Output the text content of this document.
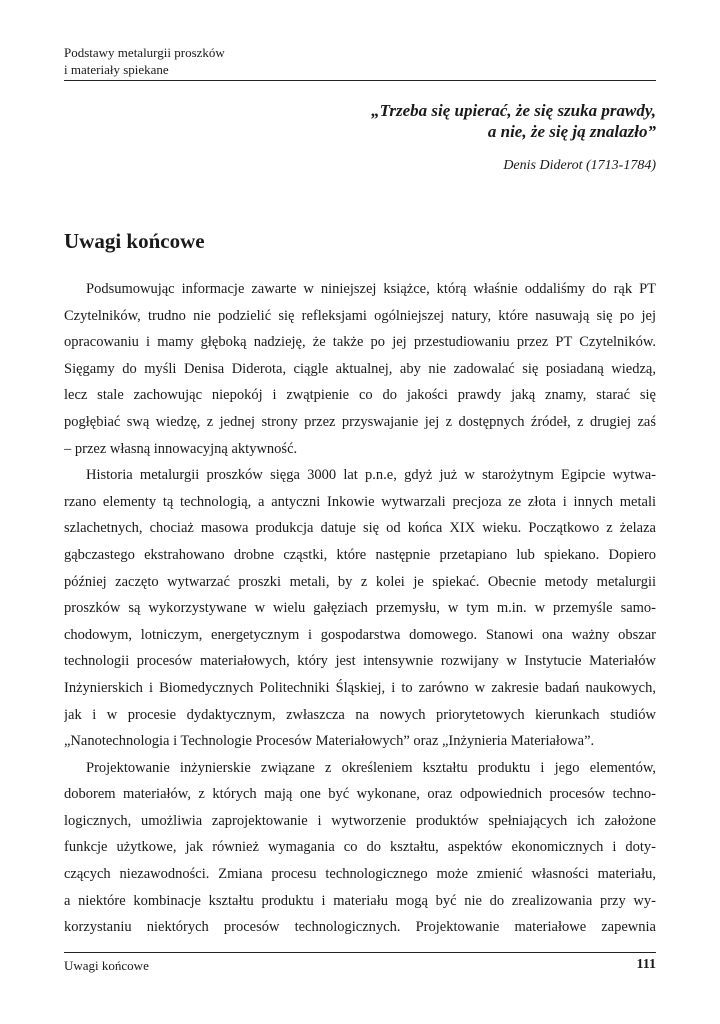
Podstawy metalurgii proszków
i materiały spiekane
„Trzeba się upierać, że się szuka prawdy,
a nie, że się ją znalazło”
Denis Diderot (1713-1784)
Uwagi końcowe
Podsumowując informacje zawarte w niniejszej książce, którą właśnie oddaliśmy do rąk PT
Czytelników, trudno nie podzielić się refleksjami ogólniejszej natury, które nasuwają się po jej
opracowaniu i mamy głęboką nadzieję, że także po jej przestudiowaniu przez PT Czytelników.
Sięgamy do myśli Denisa Diderota, ciągle aktualnej, aby nie zadowalać się posiadaną wiedzą,
lecz stale zachowując niepokój i zwątpienie co do jakości prawdy jaką znamy, starać się
pogłębiać swą wiedzę, z jednej strony przez przyswajanie jej z dostępnych źródeł, z drugiej zaś
– przez własną innowacyjną aktywność.
Historia metalurgii proszków sięga 3000 lat p.n.e, gdyż już w starożytnym Egipcie wytwa-
rzano elementy tą technologią, a antyczni Inkowie wytwarzali precjoza ze złota i innych metali
szlachetnych, chociaż masowa produkcja datuje się od końca XIX wieku. Początkowo z żelaza
gąbczastego ekstrahowano drobne cząstki, które następnie przetapiano lub spiekano. Dopiero
później zaczęto wytwarzać proszki metali, by z kolei je spiekać. Obecnie metody metalurgii
proszków są wykorzystywane w wielu gałęziach przemysłu, w tym m.in. w przemyśle samo-
chodowym, lotniczym, energetycznym i gospodarstwa domowego. Stanowi ona ważny obszar
technologii procesów materiałowych, który jest intensywnie rozwijany w Instytucie Materiałów
Inżynierskich i Biomedycznych Politechniki Śląskiej, i to zarówno w zakresie badań naukowych,
jak i w procesie dydaktycznym, zwłaszcza na nowych priorytetowych kierunkach studiów
„Nanotechnologia i Technologie Procesów Materiałowych” oraz „Inżynieria Materiałowa”.
Projektowanie inżynierskie związane z określeniem kształtu produktu i jego elementów,
doborem materiałów, z których mają one być wykonane, oraz odpowiednich procesów techno-
logicznych, umożliwia zaprojektowanie i wytworzenie produktów spełniających ich założone
funkcje użytkowe, jak również wymagania co do kształtu, aspektów ekonomicznych i doty-
czących niezawodności. Zmiana procesu technologicznego może zmienić własności materiału,
a niektóre kombinacje kształtu produktu i materiału mogą być nie do zrealizowania przy wy-
korzystaniu niektórych procesów technologicznych. Projektowanie materiałowe zapewnia
Uwagi końcowe	111
